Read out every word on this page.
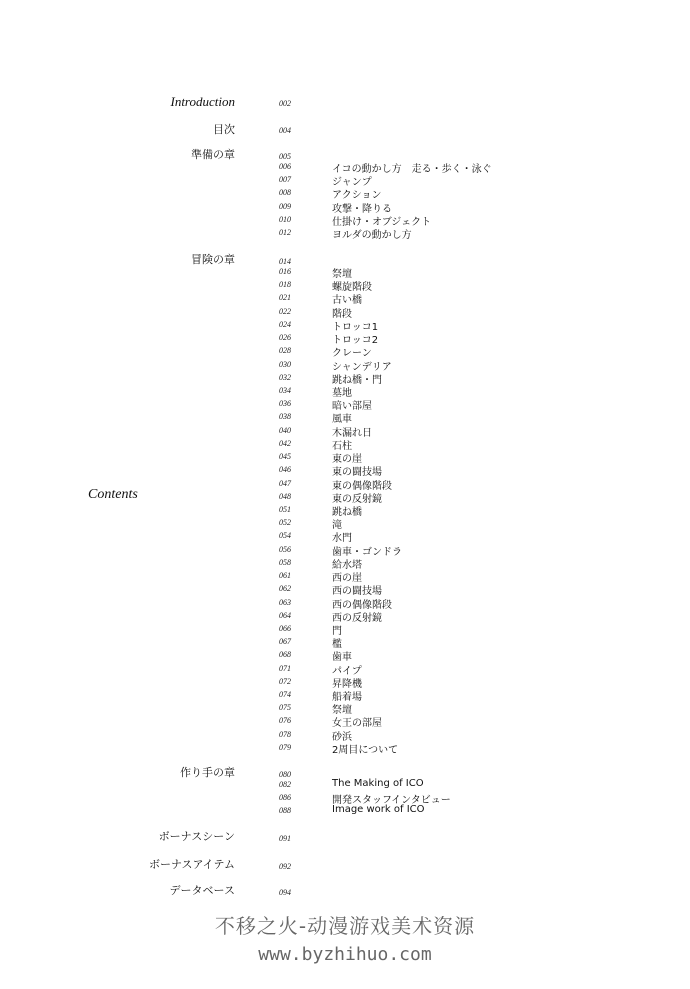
Introduction	002
目次	004
準備の章	005
006	イコの動かし方　走る・歩く・泳ぐ
007	ジャンプ
008	アクション
009	攻撃・降りる
010	仕掛け・オブジェクト
012	ヨルダの動かし方
冒険の章	014
016	祭壇
018	螺旋階段
021	古い橋
022	階段
024	トロッコ1
026	トロッコ2
028	クレーン
030	シャンデリア
032	跳ね橋・門
034	墓地
036	暗い部屋
038	風車
040	木漏れ日
042	石柱
045	東の崖
046	東の闘技場
047	東の偶像階段
048	東の反射鏡
051	跳ね橋
052	滝
054	水門
056	歯車・ゴンドラ
058	給水塔
061	西の崖
062	西の闘技場
063	西の偶像階段
064	西の反射鏡
066	門
067	檻
068	歯車
071	パイプ
072	昇降機
074	船着場
075	祭壇
076	女王の部屋
078	砂浜
079	2周目について
Contents
作り手の章	080
082	The Making of ICO
086	開発スタッフインタビュー
088	Image work of ICO
ボーナスシーン	091
ボーナスアイテム	092
データベース	094
不移之火-动漫游戏美术资源
www.byzhihuo.com
